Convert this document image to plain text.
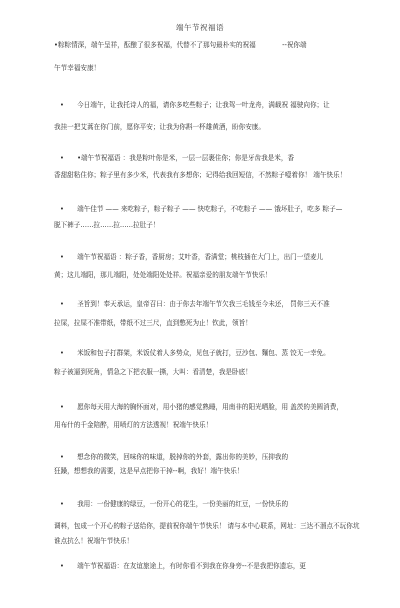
端午节祝福语
•粽粽情深，端午呈祥，酝酿了很多祝福，代替不了那句最朴实的祝福　　　　--祝你端
午节幸福安康！
•　　今日端午，让我托诗人的福，请你多吃些粽子；让我驾一叶龙舟，满载祝 福驶向你；让
我挂一把艾蒿在你门前，愿你平安；让我为你斟一杯雄黄酒，盼你安康。
•　　•端午节祝福语 ：我是粽叶你是米，一层一层裹住你；你是牙齿我是米，香
香甜甜粘住你；粽子里有多少米，代表我有多想你；记得给我回短信，不然粽子噎着你！ 端午快乐！
•　　端午佳节 —— 来吃粽子，粽子粽子 —— 快吃粽子，不吃粽子 —— 饿坏肚子，吃多 粽子—
脱下裤子……拉……拉……拉肚子！
•　　端午节祝福语 ：粽子香，香厨房；艾叶香，香满堂；桃枝插在大门上，出门一望麦儿
黄；这儿端阳，那儿端阳，处处端阳处处祥。祝福亲爱的朋友端午节快乐！
•　　圣旨到！奉天承运，皇帝召曰：由于你去年端午节欠我三毛钱至今未还， 罚你三天不准
拉屎，拉屎不准带纸，带纸不过三尺，直到憋死为止！钦此，领旨！
•　　米饭和包子打群架，米饭仗着人多势众，见包子就打，豆沙包、麵包、蒸 饺无一幸免。
粽子被逼到死角，情急之下把衣服一撕，大叫：看清楚，我是卧底！
•　　愿你每天用大海的胸怀面对，用小猪的感觉熟睡，用南非的阳光晒脸，用 盖茨的美圆消费，
用布什的千金陪醉，用喷灯的方法透视！祝端午快乐！
•　　想念你的微笑，回味你的味道，脱掉你的外套，露出你的美妙，压抑我的
狂躁，想想我的需要，这是早点把你干掉--啊，我好！端午快乐！
•　　我用：一份健康的绿豆，一份开心的花生，一份美丽的红豆，一份快乐的
调料，包成一个开心的粽子送给你，提前祝你端午节快乐！ 请与本中心联系，网址：三达不溜点不玩你坑
谁点抗么！祝端午节快乐！
•　　端午节祝福语：在友谊旅途上，有时你看不到我在你身旁--不是我把你遗忘，更
